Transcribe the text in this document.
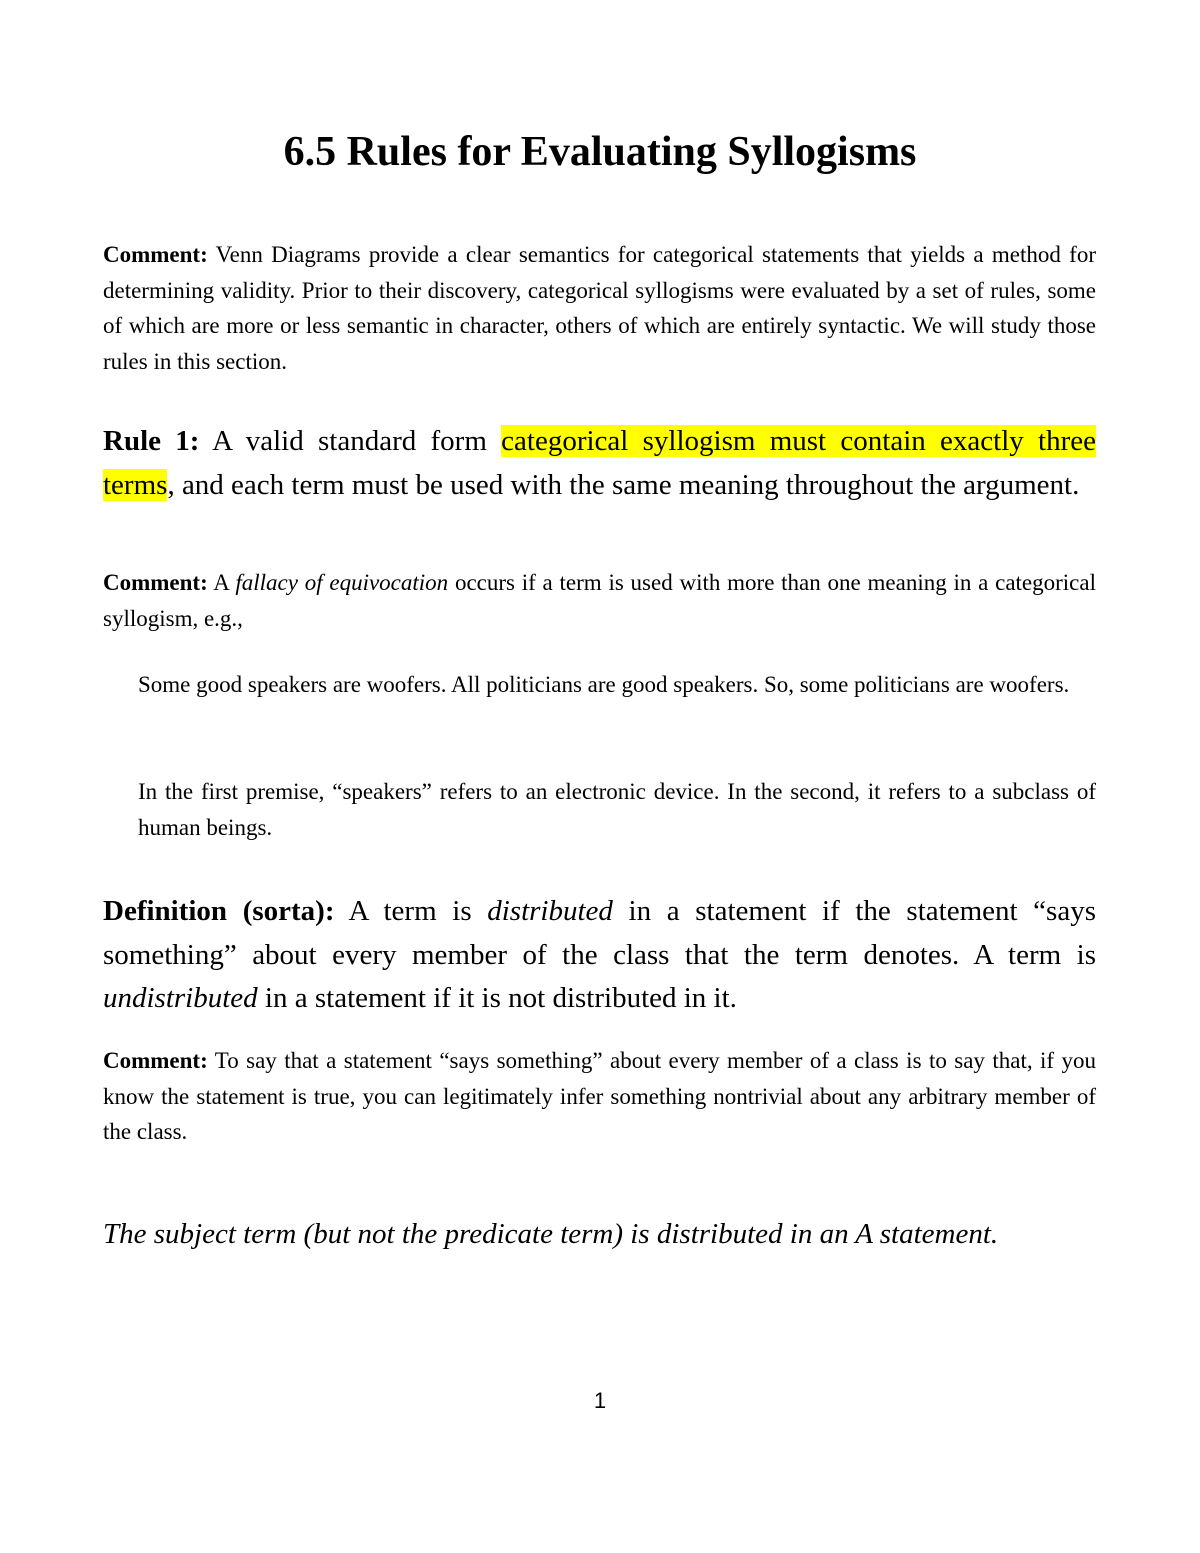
6.5 Rules for Evaluating Syllogisms

Comment: Venn Diagrams provide a clear semantics for categorical statements that yields a method for determining validity. Prior to their discovery, categorical syllogisms were evaluated by a set of rules, some of which are more or less semantic in character, others of which are entirely syntactic. We will study those rules in this section.

Rule 1: A valid standard form categorical syllogism must contain exactly three terms, and each term must be used with the same meaning throughout the argument.

Comment: A fallacy of equivocation occurs if a term is used with more than one meaning in a categorical syllogism, e.g.,

Some good speakers are woofers. All politicians are good speakers. So, some politicians are woofers.

In the first premise, “speakers” refers to an electronic device. In the second, it refers to a subclass of human beings.

Definition (sorta): A term is distributed in a statement if the statement “says something” about every member of the class that the term denotes. A term is undistributed in a statement if it is not distributed in it.

Comment: To say that a statement “says something” about every member of a class is to say that, if you know the statement is true, you can legitimately infer something nontrivial about any arbitrary member of the class.

The subject term (but not the predicate term) is distributed in an A statement.

1
